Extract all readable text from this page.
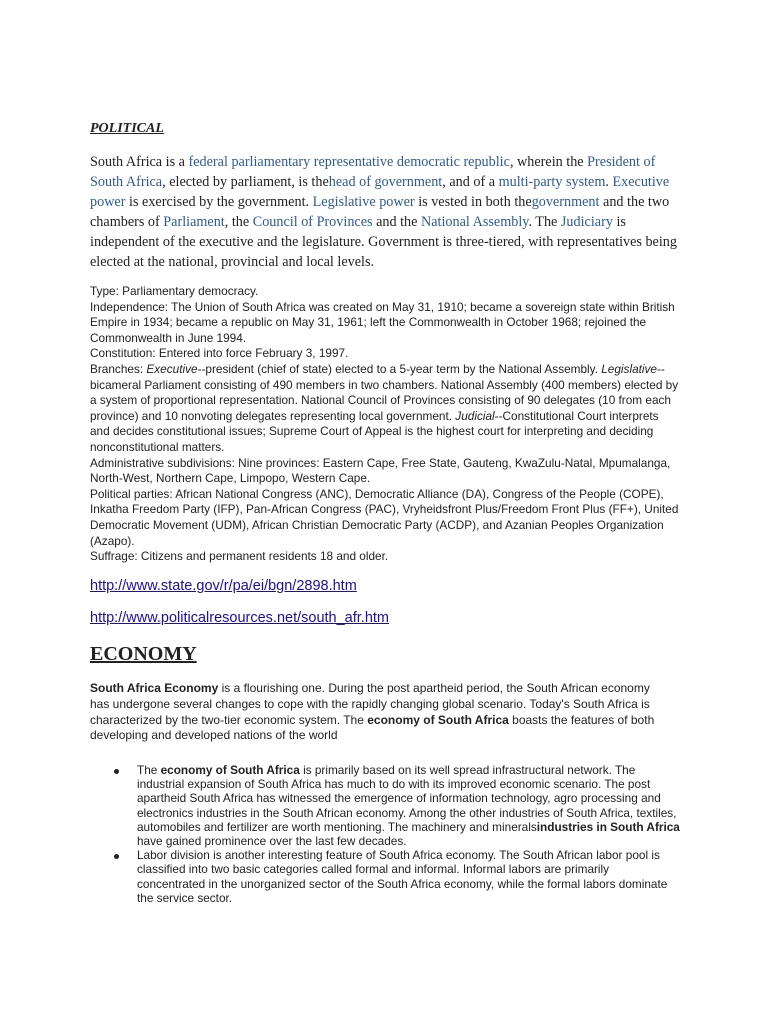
POLITICAL

South Africa is a federal parliamentary representative democratic republic, wherein the President of South Africa, elected by parliament, is thehead of government, and of a multi-party system. Executive power is exercised by the government. Legislative power is vested in both thegovernment and the two chambers of Parliament, the Council of Provinces and the National Assembly. The Judiciary is independent of the executive and the legislature. Government is three-tiered, with representatives being elected at the national, provincial and local levels.

Type: Parliamentary democracy.

Independence: The Union of South Africa was created on May 31, 1910; became a sovereign state within British Empire in 1934; became a republic on May 31, 1961; left the Commonwealth in October 1968; rejoined the Commonwealth in June 1994.

Constitution: Entered into force February 3, 1997.

Branches: Executive--president (chief of state) elected to a 5-year term by the National Assembly. Legislative--bicameral Parliament consisting of 490 members in two chambers. National Assembly (400 members) elected by a system of proportional representation. National Council of Provinces consisting of 90 delegates (10 from each province) and 10 nonvoting delegates representing local government. Judicial--Constitutional Court interprets and decides constitutional issues; Supreme Court of Appeal is the highest court for interpreting and deciding nonconstitutional matters.

Administrative subdivisions: Nine provinces: Eastern Cape, Free State, Gauteng, KwaZulu-Natal, Mpumalanga, North-West, Northern Cape, Limpopo, Western Cape.

Political parties: African National Congress (ANC), Democratic Alliance (DA), Congress of the People (COPE), Inkatha Freedom Party (IFP), Pan-African Congress (PAC), Vryheidsfront Plus/Freedom Front Plus (FF+), United Democratic Movement (UDM), African Christian Democratic Party (ACDP), and Azanian Peoples Organization (Azapo).

Suffrage: Citizens and permanent residents 18 and older.

http://www.state.gov/r/pa/ei/bgn/2898.htm
http://www.politicalresources.net/south_afr.htm
ECONOMY

South Africa Economy is a flourishing one. During the post apartheid period, the South African economy has undergone several changes to cope with the rapidly changing global scenario. Today's South Africa is characterized by the two-tier economic system. The economy of South Africa boasts the features of both developing and developed nations of the world

The economy of South Africa is primarily based on its well spread infrastructural network. The industrial expansion of South Africa has much to do with its improved economic scenario. The post apartheid South Africa has witnessed the emergence of information technology, agro processing and electronics industries in the South African economy. Among the other industries of South Africa, textiles, automobiles and fertilizer are worth mentioning. The machinery and mineralsindustries in South Africa have gained prominence over the last few decades.
Labor division is another interesting feature of South Africa economy. The South African labor pool is classified into two basic categories called formal and informal. Informal labors are primarily concentrated in the unorganized sector of the South Africa economy, while the formal labors dominate the service sector.
